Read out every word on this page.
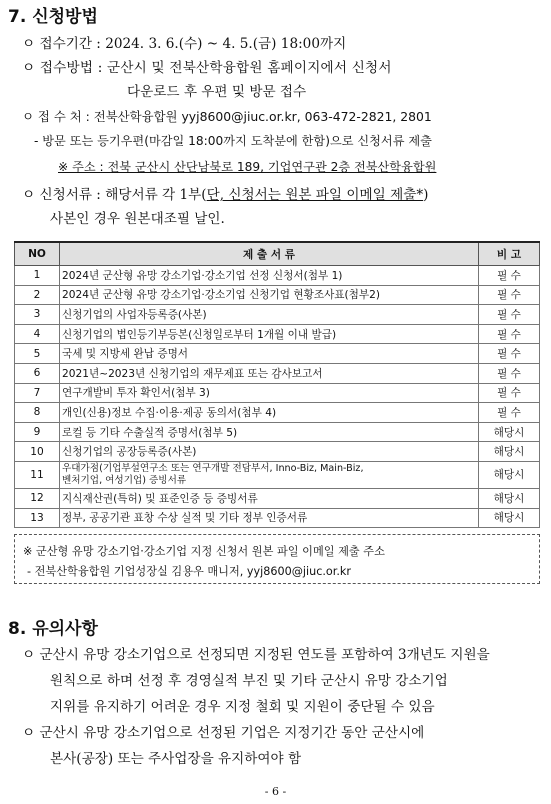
7. 신청방법
ㅇ 접수기간 : 2024. 3. 6.(수) ~ 4. 5.(금) 18:00까지
ㅇ 접수방법 : 군산시 및 전북산학융합원 홈페이지에서 신청서
다운로드 후 우편 및 방문 접수
ㅇ 접 수 처 : 전북산학융합원 yyj8600@jiuc.or.kr, 063-472-2821, 2801
- 방문 또는 등기우편(마감일 18:00까지 도착분에 한함)으로 신청서류 제출
※ 주소 : 전북 군산시 산단남북로 189, 기업연구관 2층 전북산학융합원
ㅇ 신청서류 : 해당서류 각 1부(단, 신청서는 원본 파일 이메일 제출*)
사본인 경우 원본대조필 날인.
NO	제 출 서 류	비 고
1	2024년 군산형 유망 강소기업·강소기업 선정 신청서(첨부 1)	필 수
2	2024년 군산형 유망 강소기업·강소기업 신청기업 현황조사표(첨부2)	필 수
3	신청기업의 사업자등록증(사본)	필 수
4	신청기업의 법인등기부등본(신청일로부터 1개월 이내 발급)	필 수
5	국세 및 지방세 완납 증명서	필 수
6	2021년~2023년 신청기업의 재무제표 또는 감사보고서	필 수
7	연구개발비 투자 확인서(첨부 3)	필 수
8	개인(신용)정보 수집·이용·제공 동의서(첨부 4)	필 수
9	로컬 등 기타 수출실적 증명서(첨부 5)	해당시
10	신청기업의 공장등록증(사본)	해당시
11	우대가점(기업부설연구소 또는 연구개발 전담부서, Inno-Biz, Main-Biz,
벤처기업, 여성기업) 증빙서류	해당시
12	지식재산권(특허) 및 표준인증 등 증빙서류	해당시
13	정부, 공공기관 표창 수상 실적 및 기타 정부 인증서류	해당시
※ 군산형 유망 강소기업·강소기업 지정 신청서 원본 파일 이메일 제출 주소
- 전북산학융합원 기업성장실 김용우 매니저, yyj8600@jiuc.or.kr
8. 유의사항
ㅇ 군산시 유망 강소기업으로 선정되면 지정된 연도를 포함하여 3개년도 지원을
원칙으로 하며 선정 후 경영실적 부진 및 기타 군산시 유망 강소기업
지위를 유지하기 어려운 경우 지정 철회 및 지원이 중단될 수 있음
ㅇ 군산시 유망 강소기업으로 선정된 기업은 지정기간 동안 군산시에
본사(공장) 또는 주사업장을 유지하여야 함
- 6 -
